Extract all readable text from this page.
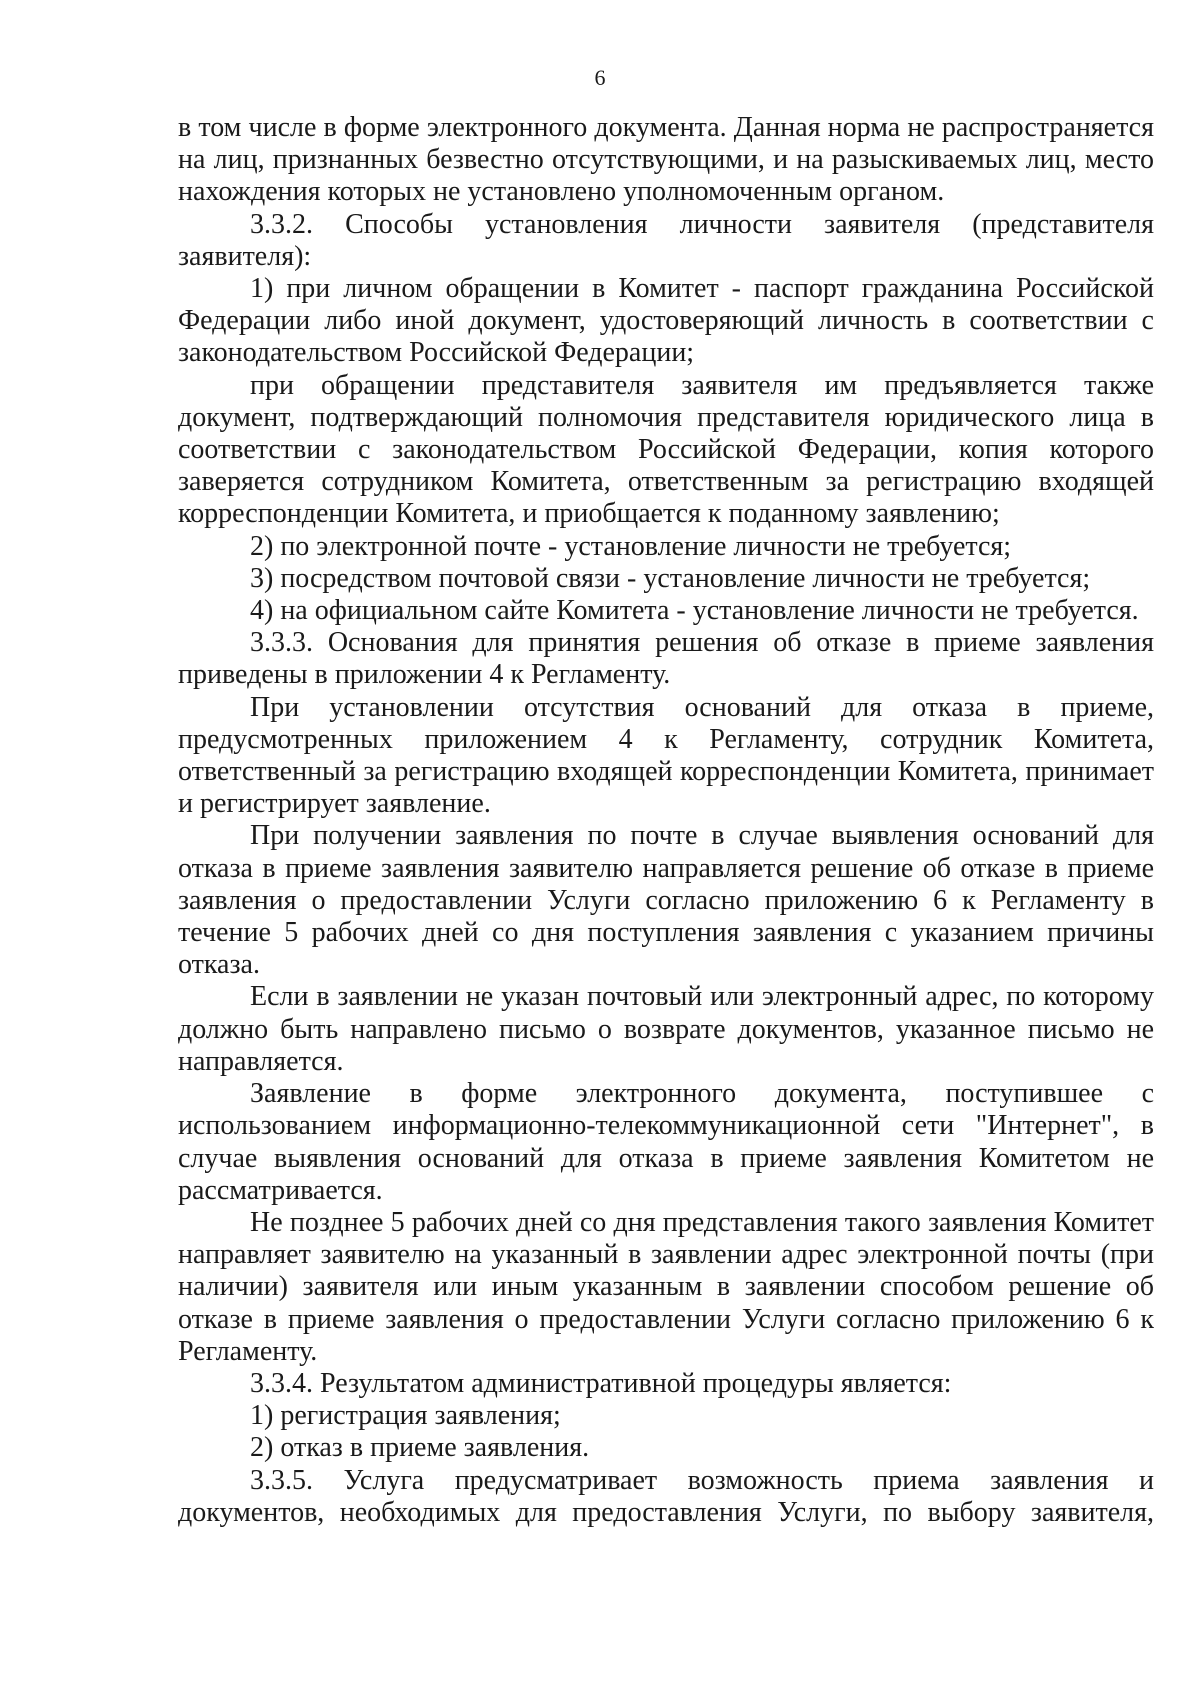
6

в том числе в форме электронного документа. Данная норма не распространяется на лиц, признанных безвестно отсутствующими, и на разыскиваемых лиц, место нахождения которых не установлено уполномоченным органом.

3.3.2. Способы установления личности заявителя (представителя заявителя):

1) при личном обращении в Комитет - паспорт гражданина Российской Федерации либо иной документ, удостоверяющий личность в соответствии с законодательством Российской Федерации;

при обращении представителя заявителя им предъявляется также документ, подтверждающий полномочия представителя юридического лица в соответствии с законодательством Российской Федерации, копия которого заверяется сотрудником Комитета, ответственным за регистрацию входящей корреспонденции Комитета, и приобщается к поданному заявлению;

2) по электронной почте - установление личности не требуется;

3) посредством почтовой связи - установление личности не требуется;

4) на официальном сайте Комитета - установление личности не требуется.

3.3.3. Основания для принятия решения об отказе в приеме заявления приведены в приложении 4 к Регламенту.

При установлении отсутствия оснований для отказа в приеме, предусмотренных приложением 4 к Регламенту, сотрудник Комитета, ответственный за регистрацию входящей корреспонденции Комитета, принимает и регистрирует заявление.

При получении заявления по почте в случае выявления оснований для отказа в приеме заявления заявителю направляется решение об отказе в приеме заявления о предоставлении Услуги согласно приложению 6 к Регламенту в течение 5 рабочих дней со дня поступления заявления с указанием причины отказа.

Если в заявлении не указан почтовый или электронный адрес, по которому должно быть направлено письмо о возврате документов, указанное письмо не направляется.

Заявление в форме электронного документа, поступившее с использованием информационно-телекоммуникационной сети "Интернет", в случае выявления оснований для отказа в приеме заявления Комитетом не рассматривается.

Не позднее 5 рабочих дней со дня представления такого заявления Комитет направляет заявителю на указанный в заявлении адрес электронной почты (при наличии) заявителя или иным указанным в заявлении способом решение об отказе в приеме заявления о предоставлении Услуги согласно приложению 6 к Регламенту.

3.3.4. Результатом административной процедуры является:

1) регистрация заявления;

2) отказ в приеме заявления.

3.3.5. Услуга предусматривает возможность приема заявления и документов, необходимых для предоставления Услуги, по выбору заявителя,
